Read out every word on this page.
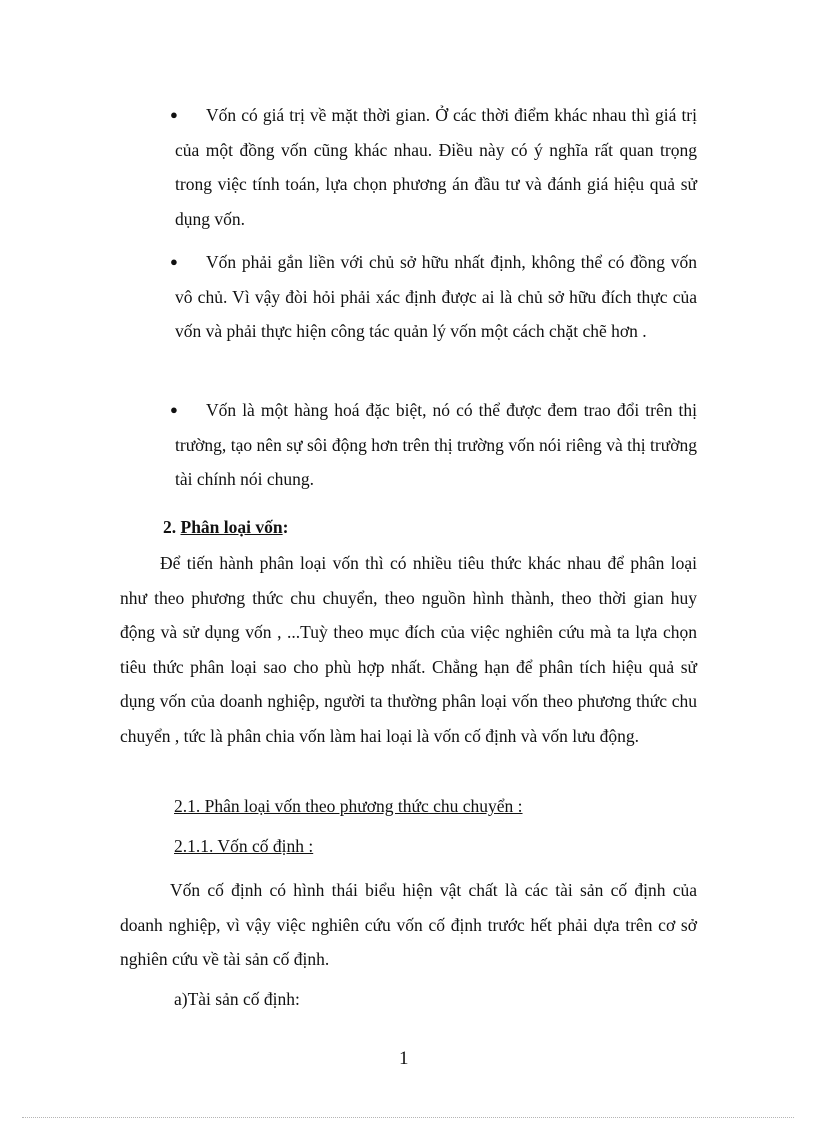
●	Vốn có giá trị về mặt thời gian. Ở các thời điểm khác nhau thì giá trị của một đồng vốn cũng khác nhau. Điều này có ý nghĩa rất quan trọng trong việc tính toán, lựa chọn phương án đầu tư và đánh giá hiệu quả sử dụng vốn.

●	Vốn phải gắn liền với chủ sở hữu nhất định, không thể có đồng vốn vô chủ. Vì vậy đòi hỏi phải xác định được ai là chủ sở hữu đích thực của vốn và phải thực hiện công tác quản lý vốn một cách chặt chẽ hơn .

●	Vốn là một hàng hoá đặc biệt, nó có thể được đem trao đổi trên thị trường, tạo nên sự sôi động hơn trên thị trường vốn nói riêng và thị trường tài chính nói chung.

2. Phân loại vốn:

Để tiến hành phân loại vốn thì có nhiều tiêu thức khác nhau để phân loại như theo phương thức chu chuyển, theo nguồn hình thành, theo thời gian huy động và sử dụng vốn , ...Tuỳ theo mục đích của việc nghiên cứu mà ta lựa chọn tiêu thức phân loại sao cho phù hợp nhất. Chẳng hạn để phân tích hiệu quả sử dụng vốn của doanh nghiệp, người ta thường phân loại vốn theo phương thức chu chuyển , tức là phân chia vốn làm hai loại là vốn cố định và vốn lưu động.

2.1. Phân loại vốn theo phương thức chu chuyển :
2.1.1. Vốn cố định :

Vốn cố định có hình thái biểu hiện vật chất là các tài sản cố định của doanh nghiệp, vì vậy việc nghiên cứu vốn cố định trước hết phải dựa trên cơ sở nghiên cứu về tài sản cố định.

a)Tài sản cố định:
1
